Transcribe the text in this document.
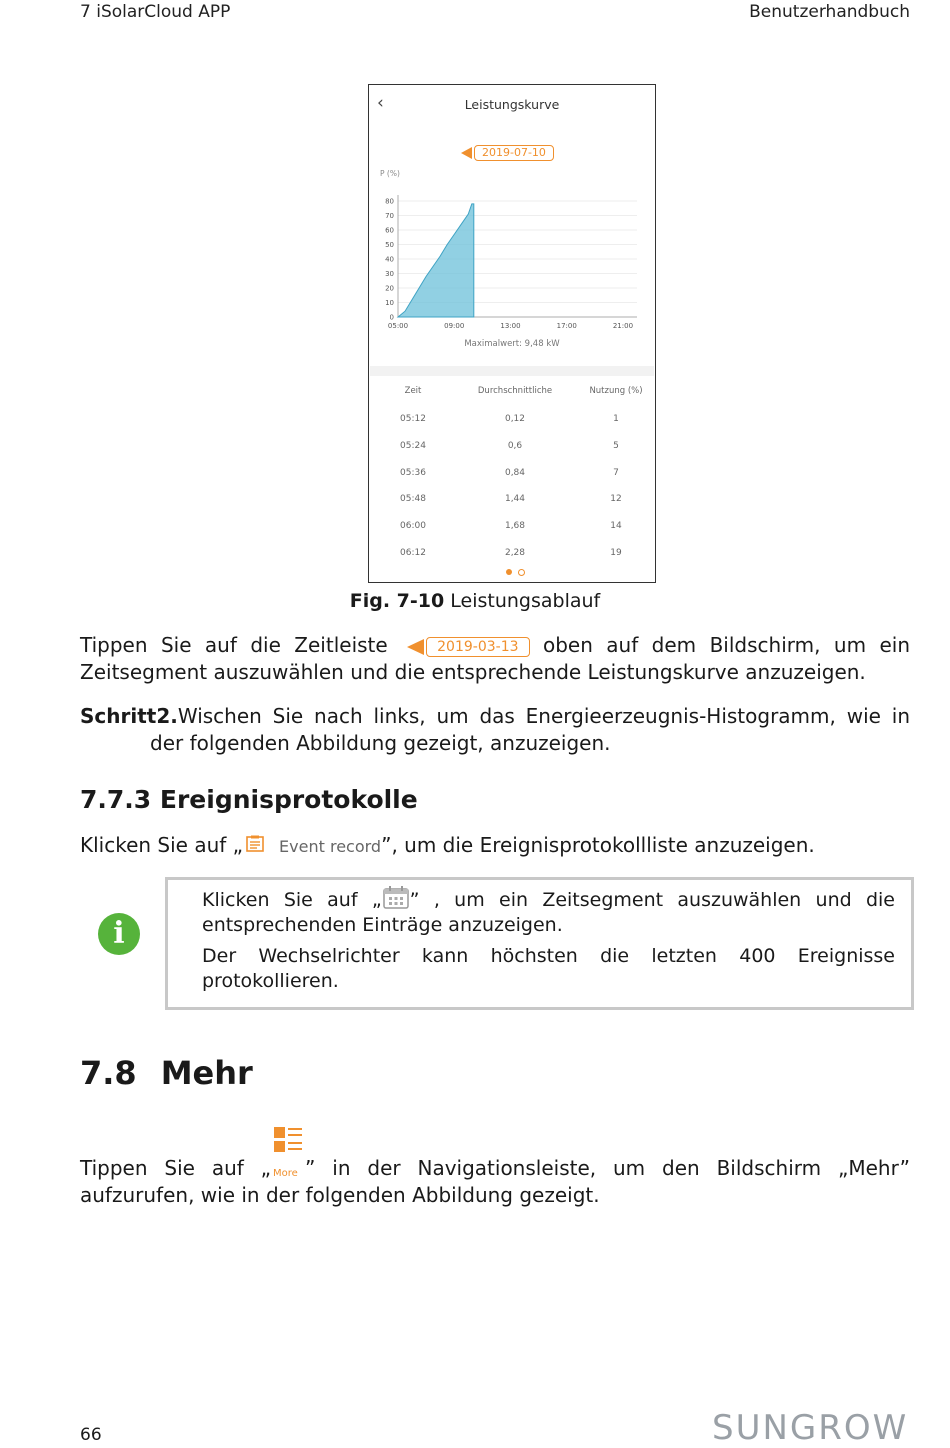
7 iSolarCloud APP	Benutzerhandbuch
‹	Leistungskurve
2019-07-10
P (%)
0
10
20
30
40
50
60
70
80
05:00	09:00	13:00	17:00	21:00
Maximalwert: 9,48 kW
Zeit	Durchschnittliche	Nutzung (%)
05:12	0,12	1
05:24	0,6	5
05:36	0,84	7
05:48	1,44	12
06:00	1,68	14
06:12	2,28	19
Fig. 7-10 Leistungsablauf
Tippen Sie auf die Zeitleiste	2019-03-13 oben auf dem Bildschirm, um ein Zeitsegment auszuwählen und die entsprechende Leistungskurve anzuzeigen.
Schritt2.Wischen Sie nach links, um das Energieerzeugnis-Histogramm, wie in der folgenden Abbildung gezeigt, anzuzeigen.
7.7.3 Ereignisprotokolle
Klicken Sie auf „ Event record”, um die Ereignisprotokollliste anzuzeigen.
i
Klicken Sie auf „ ” , um ein Zeitsegment auszuwählen und die entsprechenden Einträge anzuzeigen.
Der Wechselrichter kann höchsten die letzten 400 Ereignisse protokollieren.
7.8 Mehr
Tippen Sie auf „ More ” in der Navigationsleiste, um den Bildschirm „Mehr” aufzurufen, wie in der folgenden Abbildung gezeigt.
66	SUNGROW
